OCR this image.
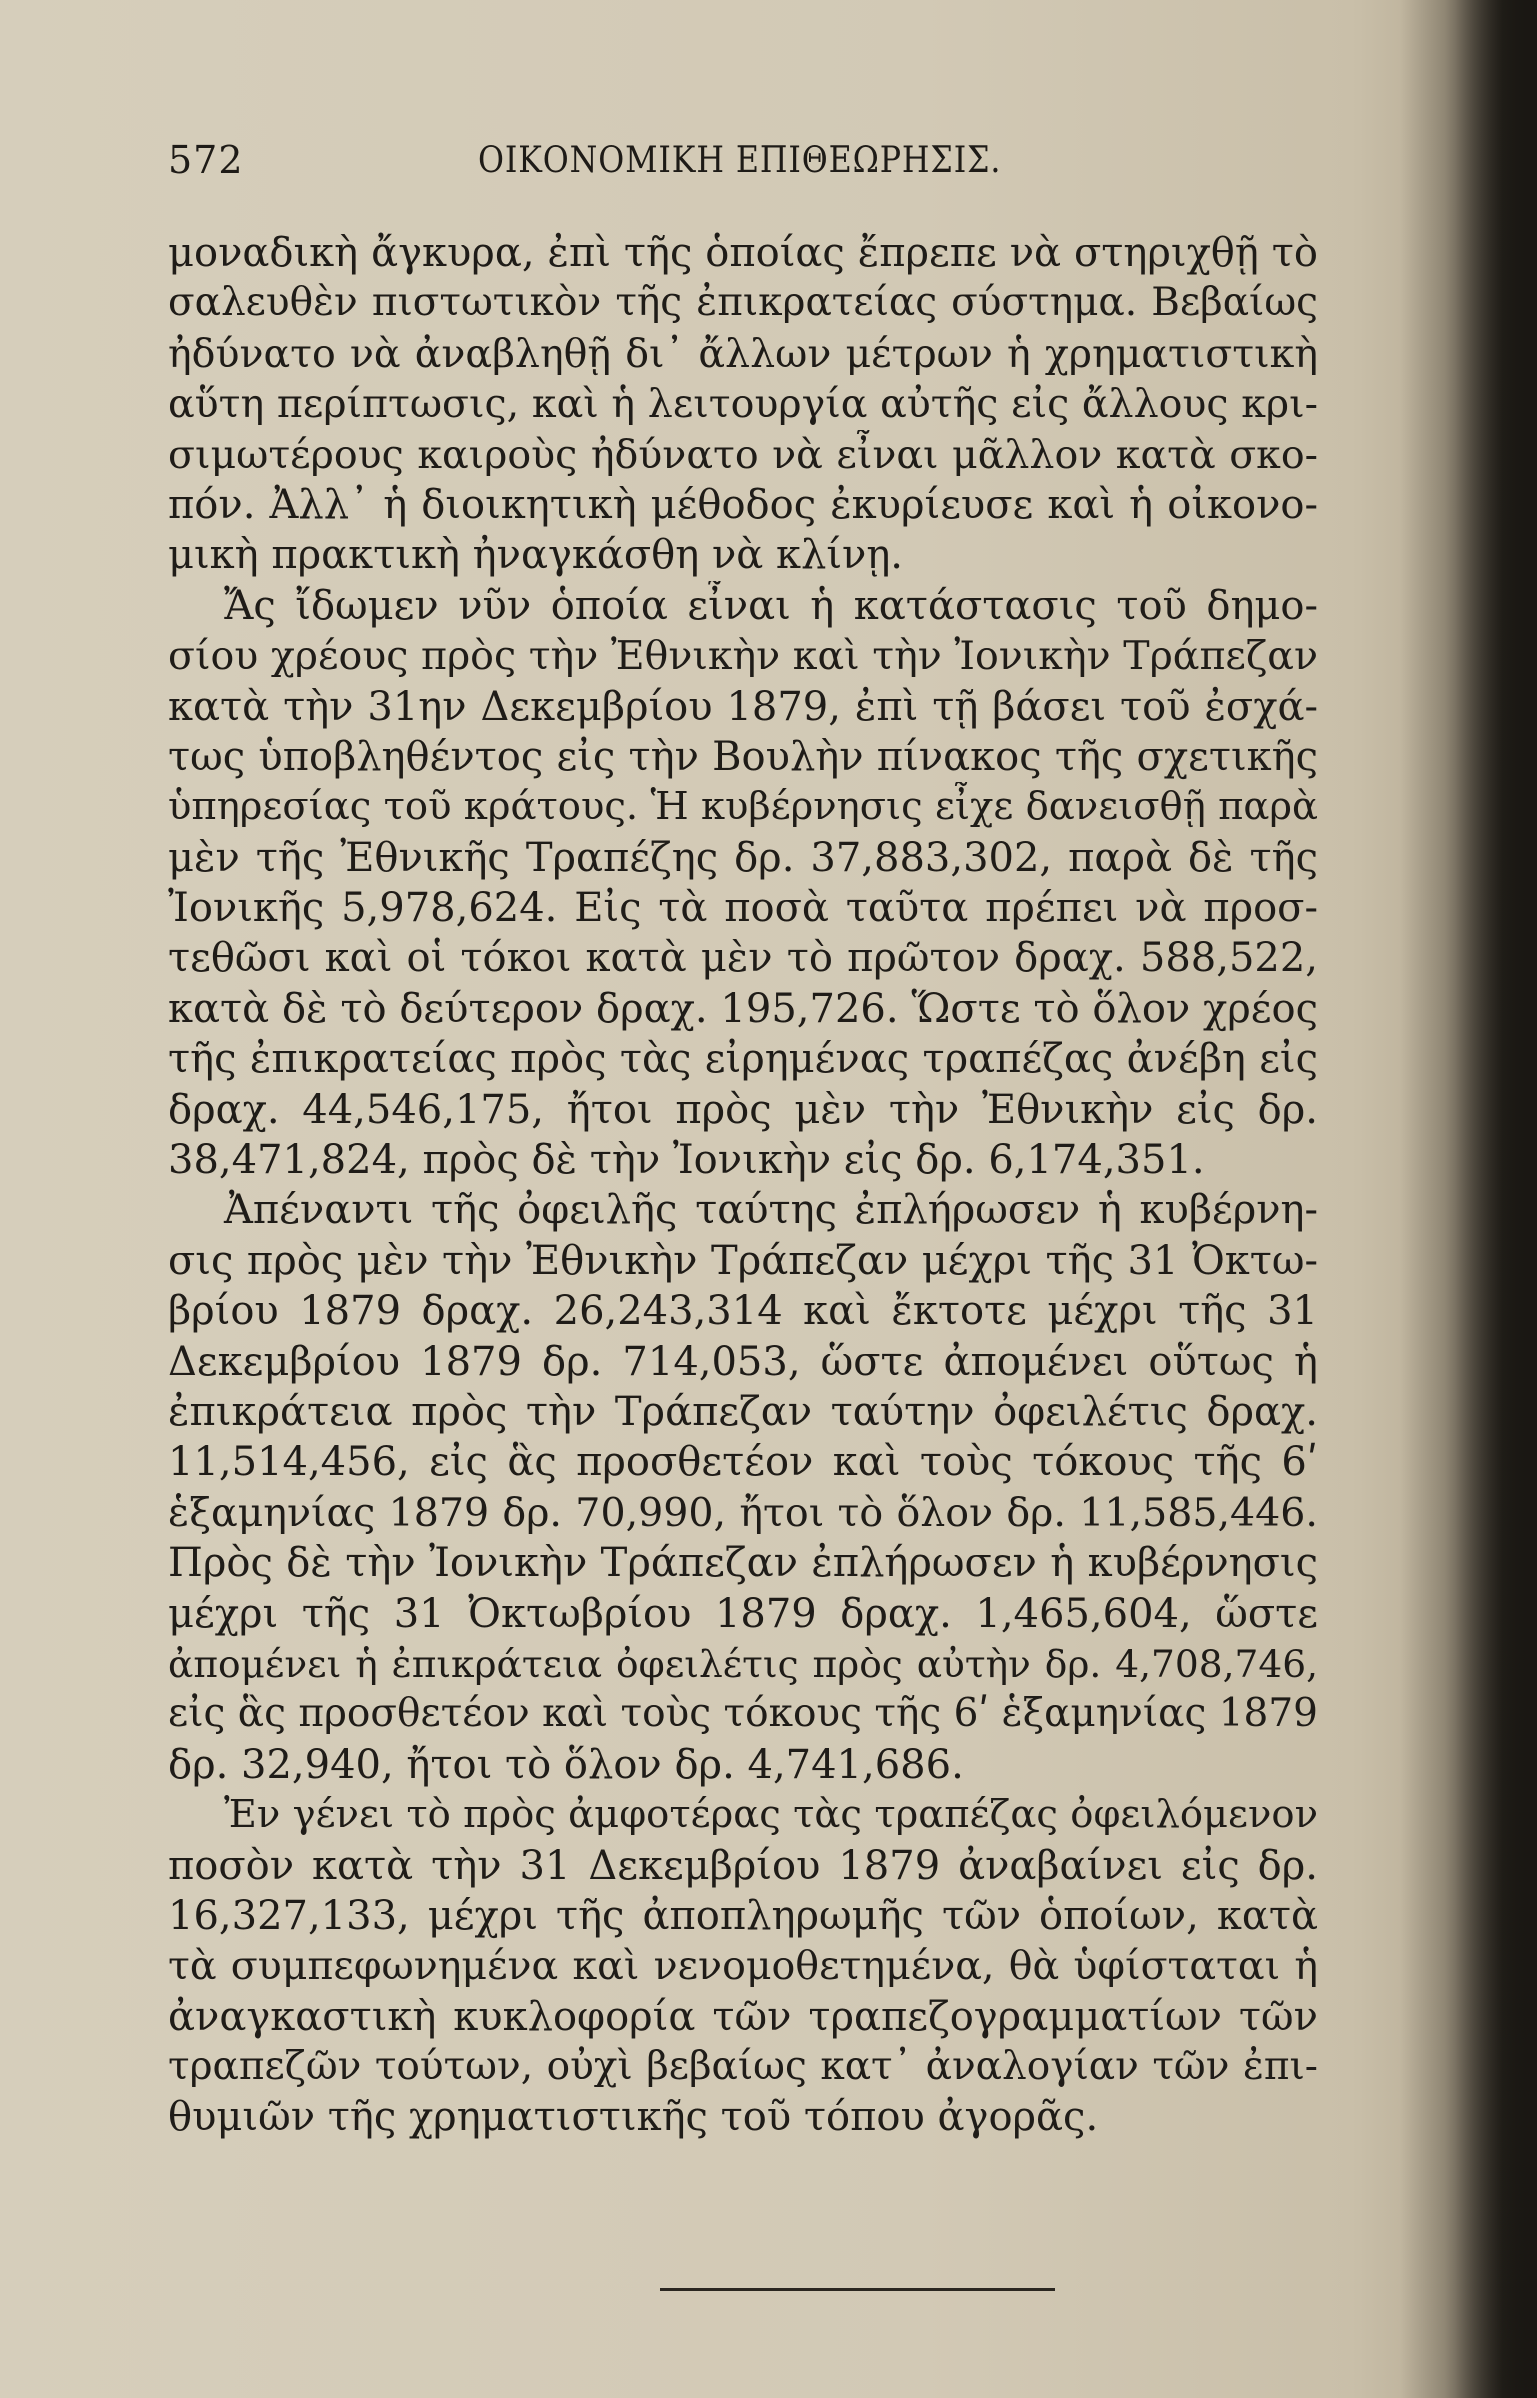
572	ΟΙΚΟΝΟΜΙΚΗ ΕΠΙΘΕΩΡΗΣΙΣ.
μοναδικὴ ἄγκυρα, ἐπὶ τῆς ὁποίας ἔπρεπε νὰ στηριχθῇ τὸ
σαλευθὲν πιστωτικὸν τῆς ἐπικρατείας σύστημα. Βεβαίως
ἠδύνατο νὰ ἀναβληθῇ δι᾽ ἄλλων μέτρων ἡ χρηματιστικὴ
αὕτη περίπτωσις, καὶ ἡ λειτουργία αὐτῆς εἰς ἄλλους κρι-
σιμωτέρους καιροὺς ἠδύνατο νὰ εἶναι μᾶλλον κατὰ σκο-
πόν. Ἀλλ᾽ ἡ διοικητικὴ μέθοδος ἐκυρίευσε καὶ ἡ οἰκονο-
μικὴ πρακτικὴ ἠναγκάσθη νὰ κλίνῃ.
Ἄς ἴδωμεν νῦν ὁποία εἶναι ἡ κατάστασις τοῦ δημο-
σίου χρέους πρὸς τὴν Ἐθνικὴν καὶ τὴν Ἰονικὴν Τράπεζαν
κατὰ τὴν 31ην Δεκεμβρίου 1879, ἐπὶ τῇ βάσει τοῦ ἐσχά-
τως ὑποβληθέντος εἰς τὴν Βουλὴν πίνακος τῆς σχετικῆς
ὑπηρεσίας τοῦ κράτους. Ἡ κυβέρνησις εἶχε δανεισθῇ παρὰ
μὲν τῆς Ἐθνικῆς Τραπέζης δρ. 37,883,302, παρὰ δὲ τῆς
Ἰονικῆς 5,978,624. Εἰς τὰ ποσὰ ταῦτα πρέπει νὰ προσ-
τεθῶσι καὶ οἱ τόκοι κατὰ μὲν τὸ πρῶτον δραχ. 588,522,
κατὰ δὲ τὸ δεύτερον δραχ. 195,726. Ὥστε τὸ ὅλον χρέος
τῆς ἐπικρατείας πρὸς τὰς εἰρημένας τραπέζας ἀνέβη εἰς
δραχ. 44,546,175, ἤτοι πρὸς μὲν τὴν Ἐθνικὴν εἰς δρ.
38,471,824, πρὸς δὲ τὴν Ἰονικὴν εἰς δρ. 6,174,351.
Ἀπέναντι τῆς ὀφειλῆς ταύτης ἐπλήρωσεν ἡ κυβέρνη-
σις πρὸς μὲν τὴν Ἐθνικὴν Τράπεζαν μέχρι τῆς 31 Ὀκτω-
βρίου 1879 δραχ. 26,243,314 καὶ ἔκτοτε μέχρι τῆς 31
Δεκεμβρίου 1879 δρ. 714,053, ὥστε ἀπομένει οὕτως ἡ
ἐπικράτεια πρὸς τὴν Τράπεζαν ταύτην ὀφειλέτις δραχ.
11,514,456, εἰς ἃς προσθετέον καὶ τοὺς τόκους τῆς 6ʹ
ἑξαμηνίας 1879 δρ. 70,990, ἤτοι τὸ ὅλον δρ. 11,585,446.
Πρὸς δὲ τὴν Ἰονικὴν Τράπεζαν ἐπλήρωσεν ἡ κυβέρνησις
μέχρι τῆς 31 Ὀκτωβρίου 1879 δραχ. 1,465,604, ὥστε
ἀπομένει ἡ ἐπικράτεια ὀφειλέτις πρὸς αὐτὴν δρ. 4,708,746,
εἰς ἃς προσθετέον καὶ τοὺς τόκους τῆς 6ʹ ἑξαμηνίας 1879
δρ. 32,940, ἤτοι τὸ ὅλον δρ. 4,741,686.
Ἐν γένει τὸ πρὸς ἀμφοτέρας τὰς τραπέζας ὀφειλόμενον
ποσὸν κατὰ τὴν 31 Δεκεμβρίου 1879 ἀναβαίνει εἰς δρ.
16,327,133, μέχρι τῆς ἀποπληρωμῆς τῶν ὁποίων, κατὰ
τὰ συμπεφωνημένα καὶ νενομοθετημένα, θὰ ὑφίσταται ἡ
ἀναγκαστικὴ κυκλοφορία τῶν τραπεζογραμματίων τῶν
τραπεζῶν τούτων, οὐχὶ βεβαίως κατ᾽ ἀναλογίαν τῶν ἐπι-
θυμιῶν τῆς χρηματιστικῆς τοῦ τόπου ἀγορᾶς.
